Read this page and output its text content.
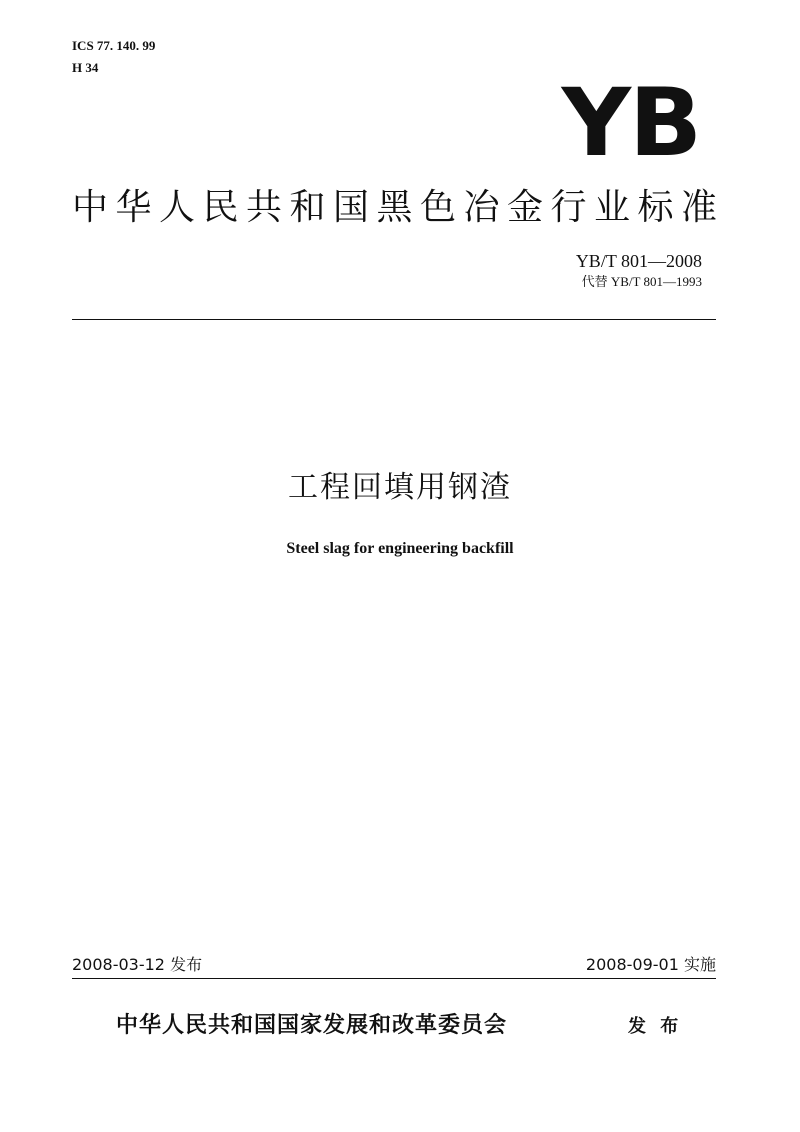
ICS 77. 140. 99
H 34
YB
中华人民共和国黑色冶金行业标准
YB/T 801—2008
代替 YB/T 801—1993
工程回填用钢渣
Steel slag for engineering backfill
2008-03-12 发布	2008-09-01 实施
中华人民共和国国家发展和改革委员会	发 布
